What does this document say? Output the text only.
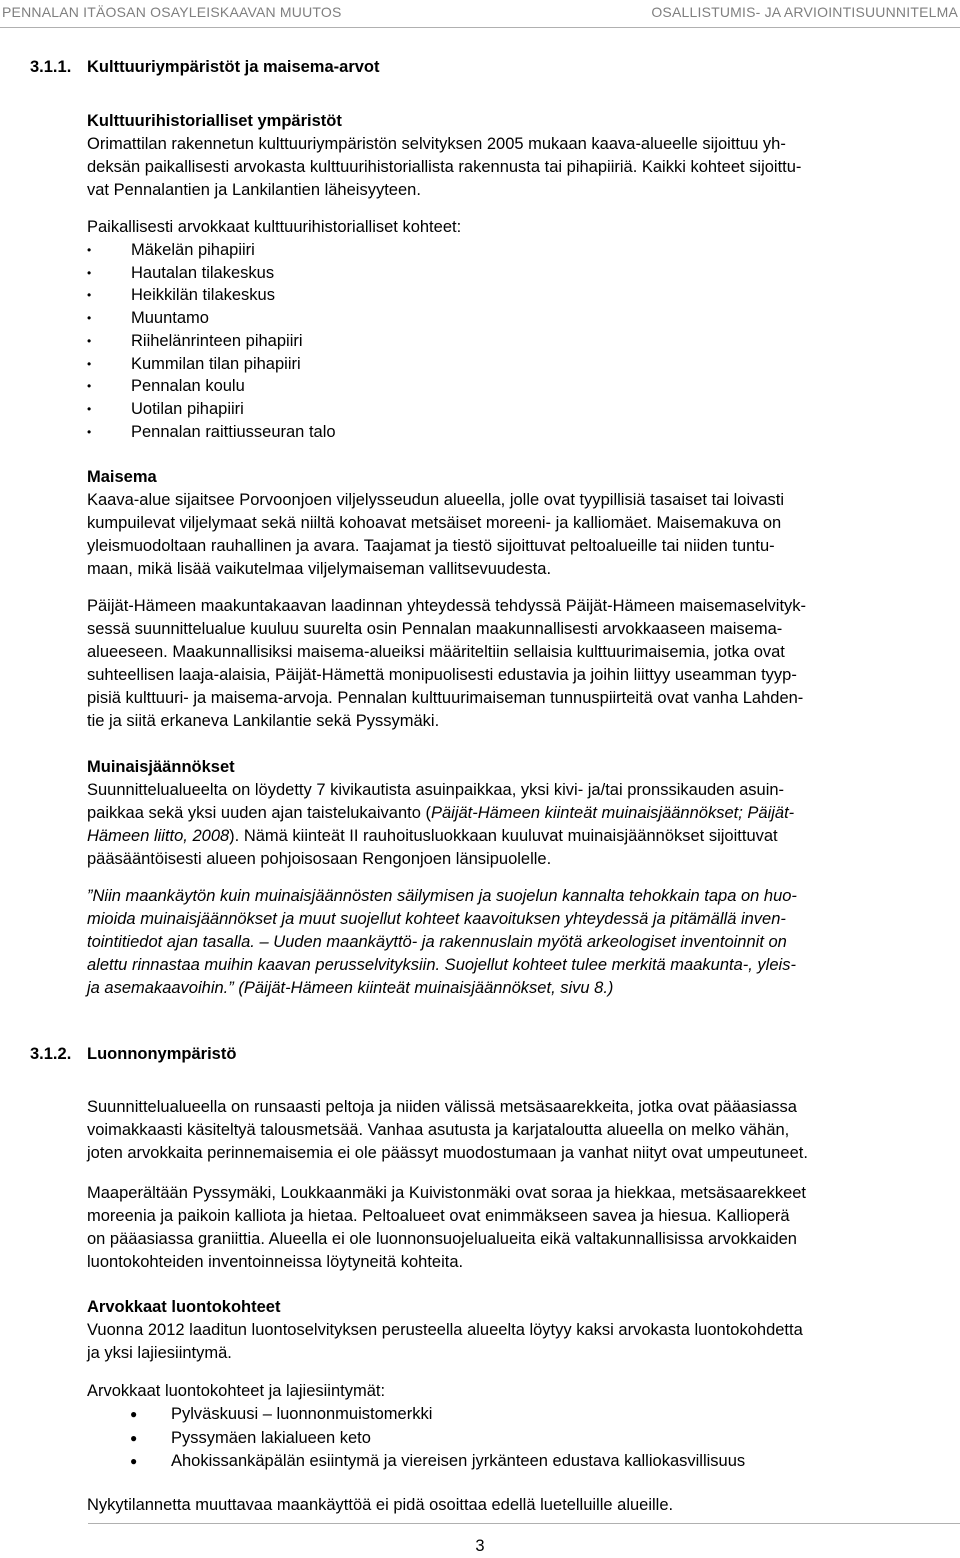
PENNALAN ITÄOSAN OSAYLEISKAAVAN MUUTOS	OSALLISTUMIS- JA ARVIOINTISUUNNITELMA
3.1.1. Kulttuuriympäristöt ja maisema-arvot
Kulttuurihistorialliset ympäristöt
Orimattilan rakennetun kulttuuriympäristön selvityksen 2005 mukaan kaava-alueelle sijoittuu yh-
deksän paikallisesti arvokasta kulttuurihistoriallista rakennusta tai pihapiiriä. Kaikki kohteet sijoittu-
vat Pennalantien ja Lankilantien läheisyyteen.
Paikallisesti arvokkaat kulttuurihistorialliset kohteet:
• Mäkelän pihapiiri
• Hautalan tilakeskus
• Heikkilän tilakeskus
• Muuntamo
• Riihelänrinteen pihapiiri
• Kummilan tilan pihapiiri
• Pennalan koulu
• Uotilan pihapiiri
• Pennalan raittiusseuran talo
Maisema
Kaava-alue sijaitsee Porvoonjoen viljelysseudun alueella, jolle ovat tyypillisiä tasaiset tai loivasti
kumpuilevat viljelymaat sekä niiltä kohoavat metsäiset moreeni- ja kalliomäet. Maisemakuva on
yleismuodoltaan rauhallinen ja avara. Taajamat ja tiestö sijoittuvat peltoalueille tai niiden tuntu-
maan, mikä lisää vaikutelmaa viljelymaiseman vallitsevuudesta.
Päijät-Hämeen maakuntakaavan laadinnan yhteydessä tehdyssä Päijät-Hämeen maisemaselvityk-
sessä suunnittelualue kuuluu suurelta osin Pennalan maakunnallisesti arvokkaaseen maisema-
alueeseen. Maakunnallisiksi maisema-alueiksi määriteltiin sellaisia kulttuurimaisemia, jotka ovat
suhteellisen laaja-alaisia, Päijät-Hämettä monipuolisesti edustavia ja joihin liittyy useamman tyyp-
pisiä kulttuuri- ja maisema-arvoja. Pennalan kulttuurimaiseman tunnuspiirteitä ovat vanha Lahden-
tie ja siitä erkaneva Lankilantie sekä Pyssymäki.
Muinaisjäännökset
Suunnittelualueelta on löydetty 7 kivikautista asuinpaikkaa, yksi kivi- ja/tai pronssikauden asuin-
paikkaa sekä yksi uuden ajan taistelukaivanto (Päijät-Hämeen kiinteät muinaisjäännökset; Päijät-
Hämeen liitto, 2008). Nämä kiinteät II rauhoitusluokkaan kuuluvat muinaisjäännökset sijoittuvat
pääsääntöisesti alueen pohjoisosaan Rengonjoen länsipuolelle.
”Niin maankäytön kuin muinaisjäännösten säilymisen ja suojelun kannalta tehokkain tapa on huo-
mioida muinaisjäännökset ja muut suojellut kohteet kaavoituksen yhteydessä ja pitämällä inven-
tointitiedot ajan tasalla. – Uuden maankäyttö- ja rakennuslain myötä arkeologiset inventoinnit on
alettu rinnastaa muihin kaavan perusselvityksiin. Suojellut kohteet tulee merkitä maakunta-, yleis-
ja asemakaavoihin.” (Päijät-Hämeen kiinteät muinaisjäännökset, sivu 8.)
3.1.2. Luonnonympäristö
Suunnittelualueella on runsaasti peltoja ja niiden välissä metsäsaarekkeita, jotka ovat pääasiassa
voimakkaasti käsiteltyä talousmetsää. Vanhaa asutusta ja karjataloutta alueella on melko vähän,
joten arvokkaita perinnemaisemia ei ole päässyt muodostumaan ja vanhat niityt ovat umpeutuneet.
Maaperältään Pyssymäki, Loukkaanmäki ja Kuivistonmäki ovat soraa ja hiekkaa, metsäsaarekkeet
moreenia ja paikoin kalliota ja hietaa. Peltoalueet ovat enimmäkseen savea ja hiesua. Kallioperä
on pääasiassa graniittia. Alueella ei ole luonnonsuojelualueita eikä valtakunnallisissa arvokkaiden
luontokohteiden inventoinneissa löytyneitä kohteita.
Arvokkaat luontokohteet
Vuonna 2012 laaditun luontoselvityksen perusteella alueelta löytyy kaksi arvokasta luontokohdetta
ja yksi lajiesiintymä.
Arvokkaat luontokohteet ja lajiesiintymät:
● Pylväskuusi – luonnonmuistomerkki
● Pyssymäen lakialueen keto
● Ahokissankäpälän esiintymä ja viereisen jyrkänteen edustava kalliokasvillisuus
Nykytilannetta muuttavaa maankäyttöä ei pidä osoittaa edellä luetelluille alueille.
3
